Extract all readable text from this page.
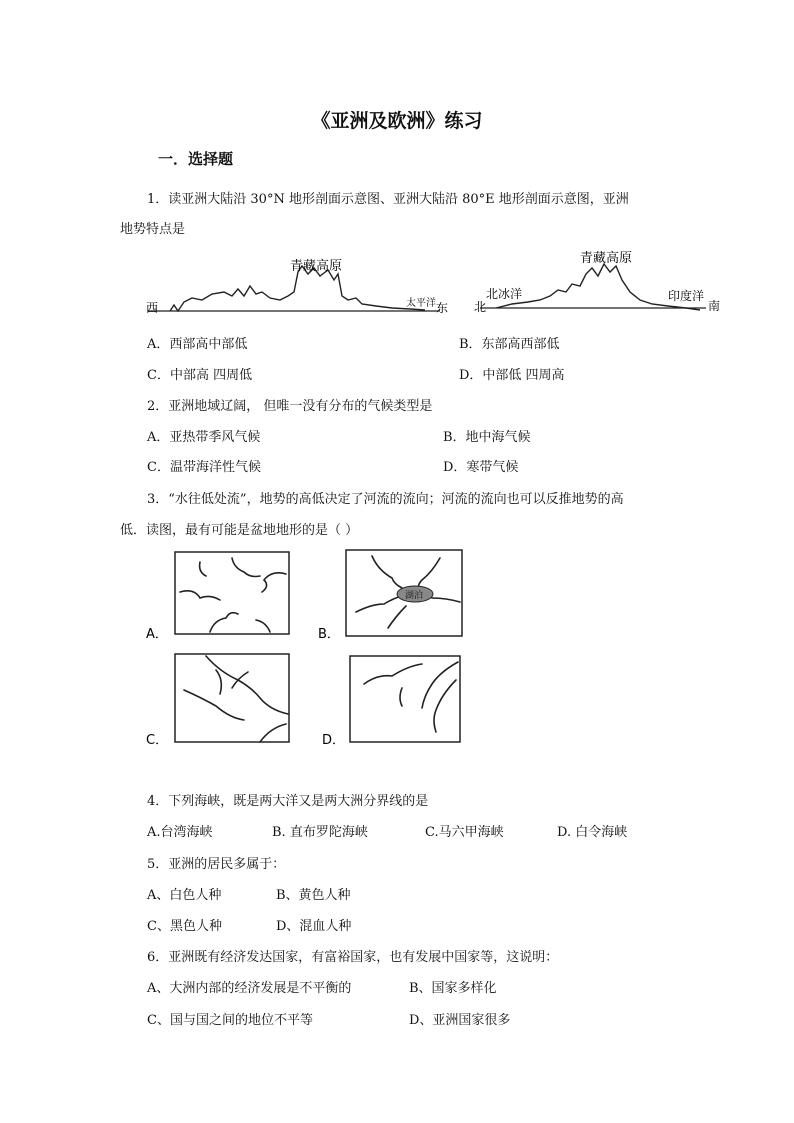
《亚洲及欧洲》练习
一．选择题
1．读亚洲大陆沿 30°N 地形剖面示意图、亚洲大陆沿 80°E 地形剖面示意图，亚洲
地势特点是
西	东
青藏高原
太平洋	北	南
青藏高原
北冰洋	印度洋
A．西部高中部低	B．东部高西部低
C．中部高 四周低	D．中部低 四周高
2．亚洲地域辽阔， 但唯一没有分布的气候类型是
A．亚热带季风气候	B．地中海气候
C．温带海洋性气候	D．寒带气候
3．“水往低处流”，地势的高低决定了河流的流向；河流的流向也可以反推地势的高
低．读图，最有可能是盆地地形的是（ ）
A．
湖泊
B．
C．	D．
4．下列海峡，既是两大洋又是两大洲分界线的是
A.台湾海峡	B. 直布罗陀海峡	C.马六甲海峡	D. 白令海峡
5．亚洲的居民多属于：
A、白色人种	B、黄色人种
C、黑色人种	D、混血人种
6．亚洲既有经济发达国家，有富裕国家，也有发展中国家等，这说明：
A、大洲内部的经济发展是不平衡的	B、国家多样化
C、国与国之间的地位不平等	D、亚洲国家很多
